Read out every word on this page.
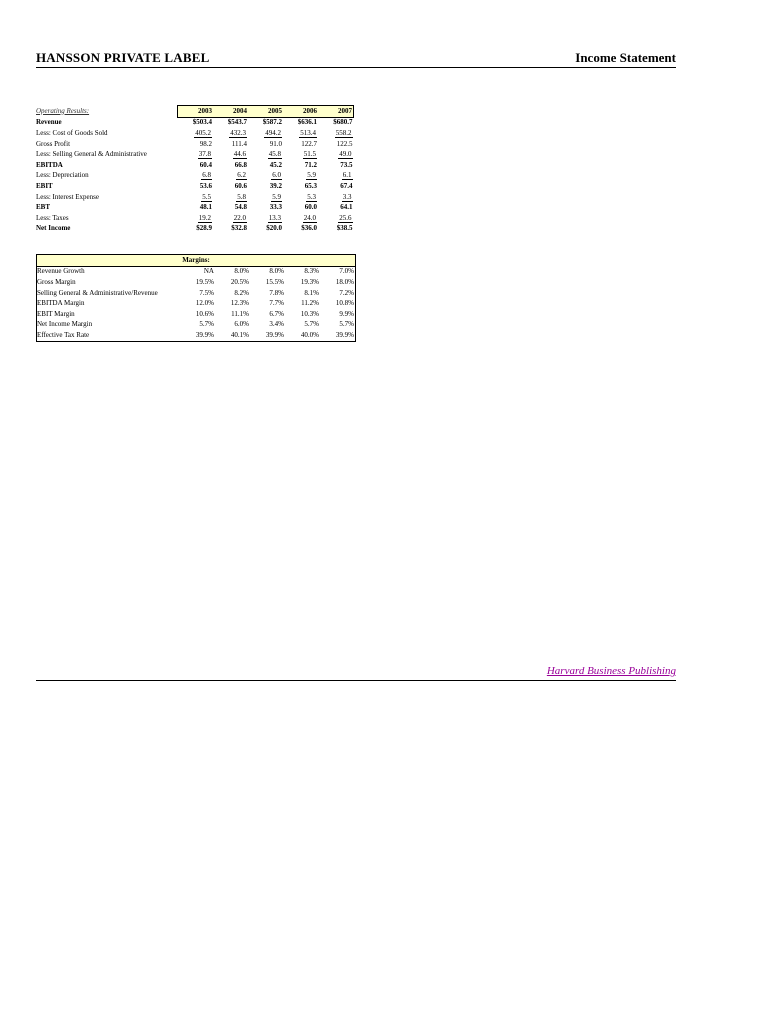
HANSSON PRIVATE LABEL	Income Statement
Operating Results:	2003	2004	2005	2006	2007
Revenue	$503.4	$543.7	$587.2	$636.1	$680.7
Less: Cost of Goods Sold	405.2	432.3	494.2	513.4	558.2
Gross Profit	98.2	111.4	91.0	122.7	122.5
Less: Selling General & Administrative	37.8	44.6	45.8	51.5	49.0
EBITDA	60.4	66.8	45.2	71.2	73.5
Less: Depreciation	6.8	6.2	6.0	5.9	6.1
EBIT	53.6	60.6	39.2	65.3	67.4
Less: Interest Expense	5.5	5.8	5.9	5.3	3.3
EBT	48.1	54.8	33.3	60.0	64.1
Less: Taxes	19.2	22.0	13.3	24.0	25.6
Net Income	$28.9	$32.8	$20.0	$36.0	$38.5
Margins:					
Revenue Growth	NA	8.0%	8.0%	8.3%	7.0%
Gross Margin	19.5%	20.5%	15.5%	19.3%	18.0%
Selling General & Administrative/Revenue	7.5%	8.2%	7.8%	8.1%	7.2%
EBITDA Margin	12.0%	12.3%	7.7%	11.2%	10.8%
EBIT Margin	10.6%	11.1%	6.7%	10.3%	9.9%
Net Income Margin	5.7%	6.0%	3.4%	5.7%	5.7%
Effective Tax Rate	39.9%	40.1%	39.9%	40.0%	39.9%
Harvard Business Publishing
